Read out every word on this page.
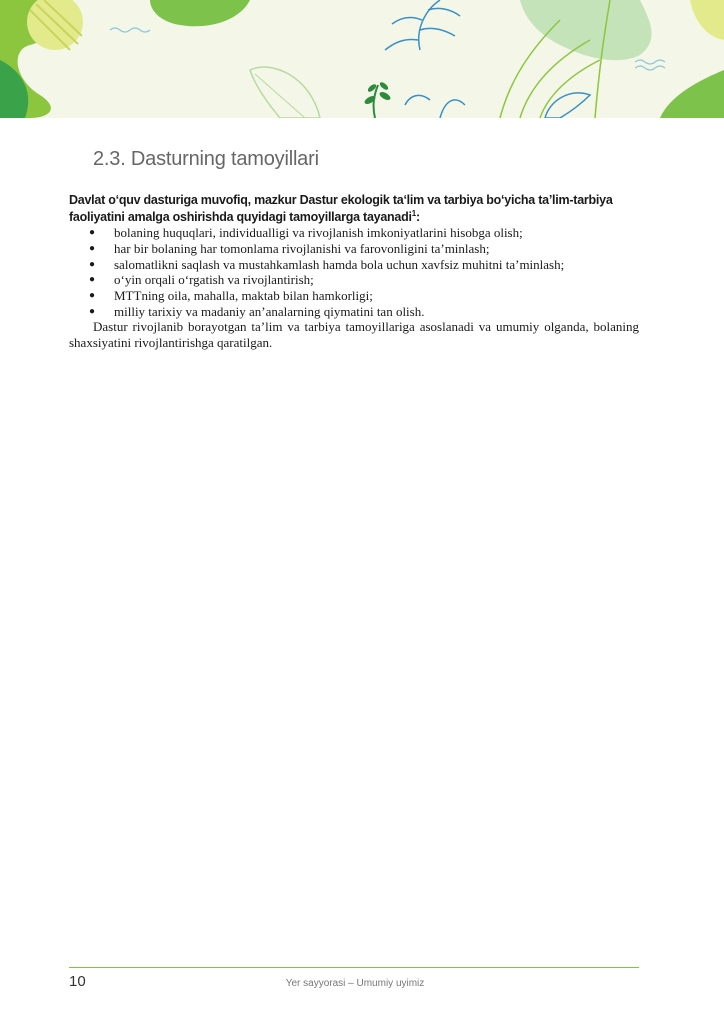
2.3. Dasturning tamoyillari

Davlat o‘quv dasturiga muvofiq, mazkur Dastur ekologik ta‘lim va tarbiya bo‘yicha ta’lim-tarbiya faoliyatini amalga oshirishda quyidagi tamoyillarga tayanadi$^1$:

● bolaning huquqlari, individualligi va rivojlanish imkoniyatlarini hisobga olish;
● har bir bolaning har tomonlama rivojlanishi va farovonligini ta’minlash;
● salomatlikni saqlash va mustahkamlash hamda bola uchun xavfsiz muhitni ta’minlash;
● o‘yin orqali o‘rgatish va rivojlantirish;
● MTTning oila, mahalla, maktab bilan hamkorligi;
● milliy tarixiy va madaniy an’analarning qiymatini tan olish.

Dastur rivojlanib borayotgan ta’lim va tarbiya tamoyillariga asoslanadi va umumiy olganda, bolaning shaxsiyatini rivojlantirishga qaratilgan.

10	Yer sayyorasi – Umumiy uyimiz
